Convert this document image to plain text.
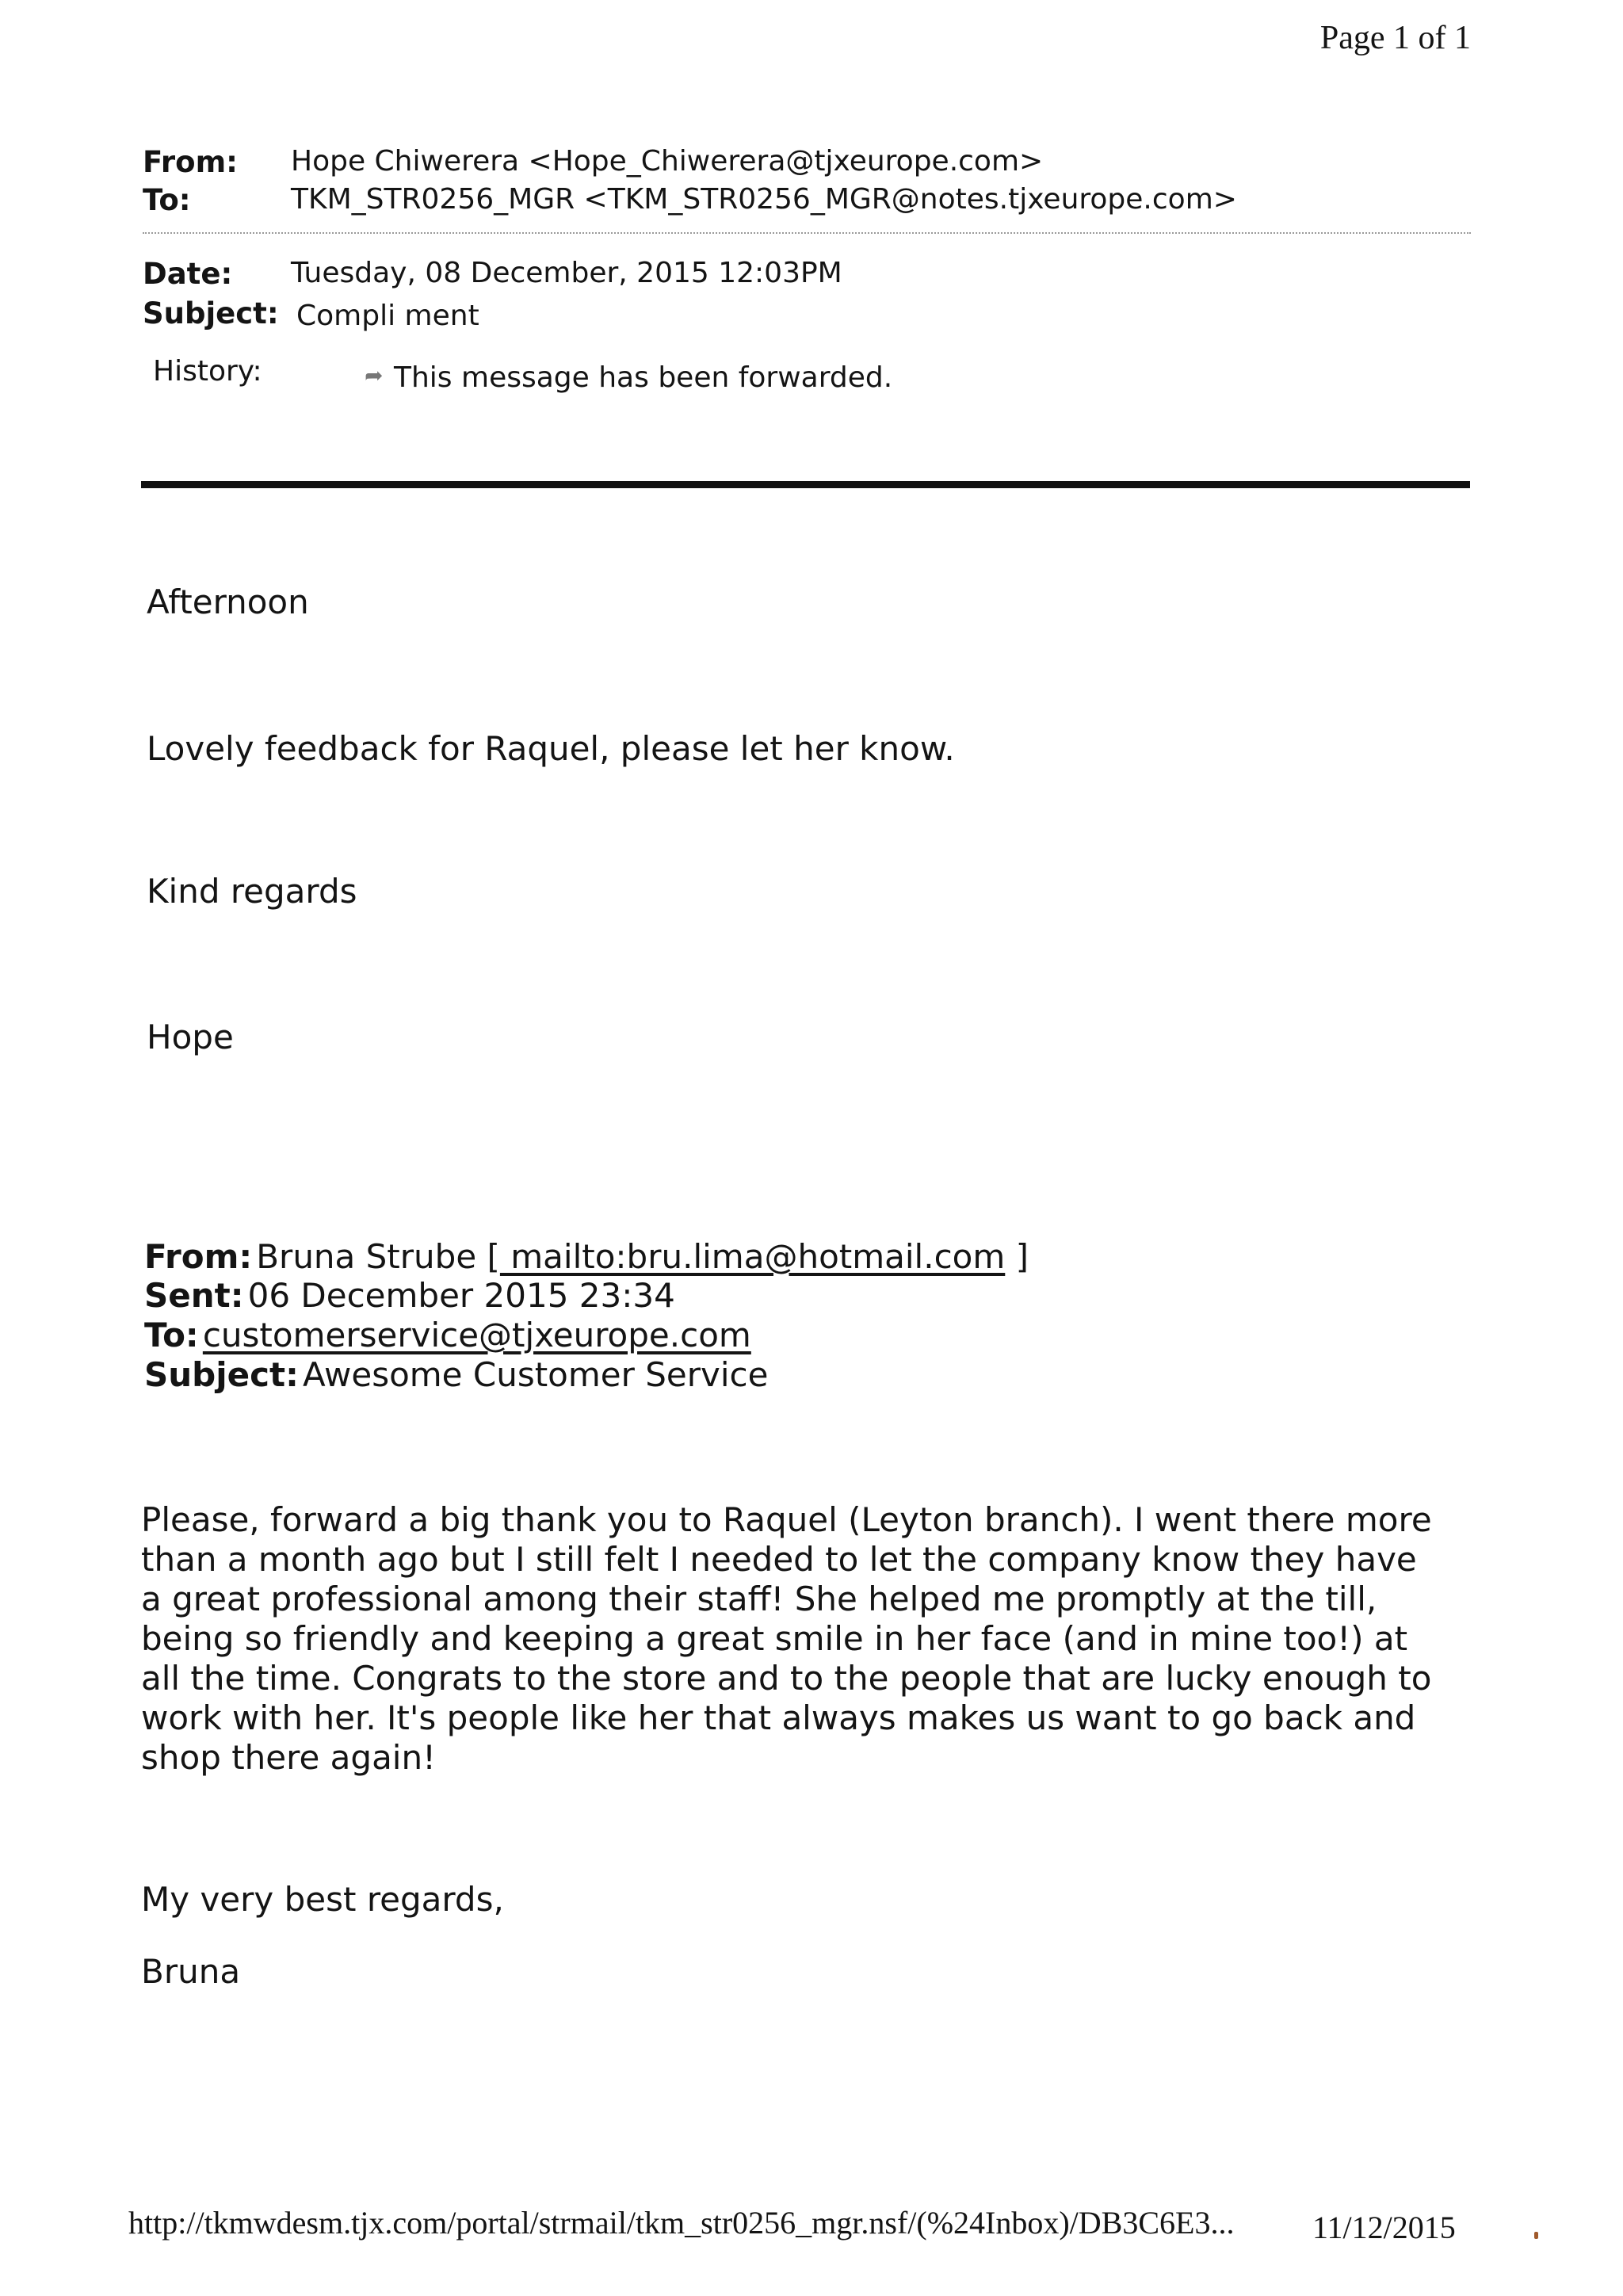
Page 1 of 1
From: Hope Chiwerera <Hope_Chiwerera@tjxeurope.com>
To:	TKM_STR0256_MGR <TKM_STR0256_MGR@notes.tjxeurope.com>
Date: Tuesday, 08 December, 2015 12:03PM
Subject: Compli ment
History:	➦ This message has been forwarded.
Afternoon
Lovely feedback for Raquel, please let her know.
Kind regards
Hope
From: Bruna Strube [ mailto:bru.lima@hotmail.com ]
Sent: 06 December 2015 23:34
To: customerservice@tjxeurope.com
Subject: Awesome Customer Service
Please, forward a big thank you to Raquel (Leyton branch). I went there more
than a month ago but I still felt I needed to let the company know they have
a great professional among their staff! She helped me promptly at the till,
being so friendly and keeping a great smile in her face (and in mine too!) at
all the time. Congrats to the store and to the people that are lucky enough to
work with her. It's people like her that always makes us want to go back and
shop there again!
My very best regards,
Bruna
http://tkmwdesm.tjx.com/portal/strmail/tkm_str0256_mgr.nsf/(%24Inbox)/DB3C6E3... 11/12/2015
